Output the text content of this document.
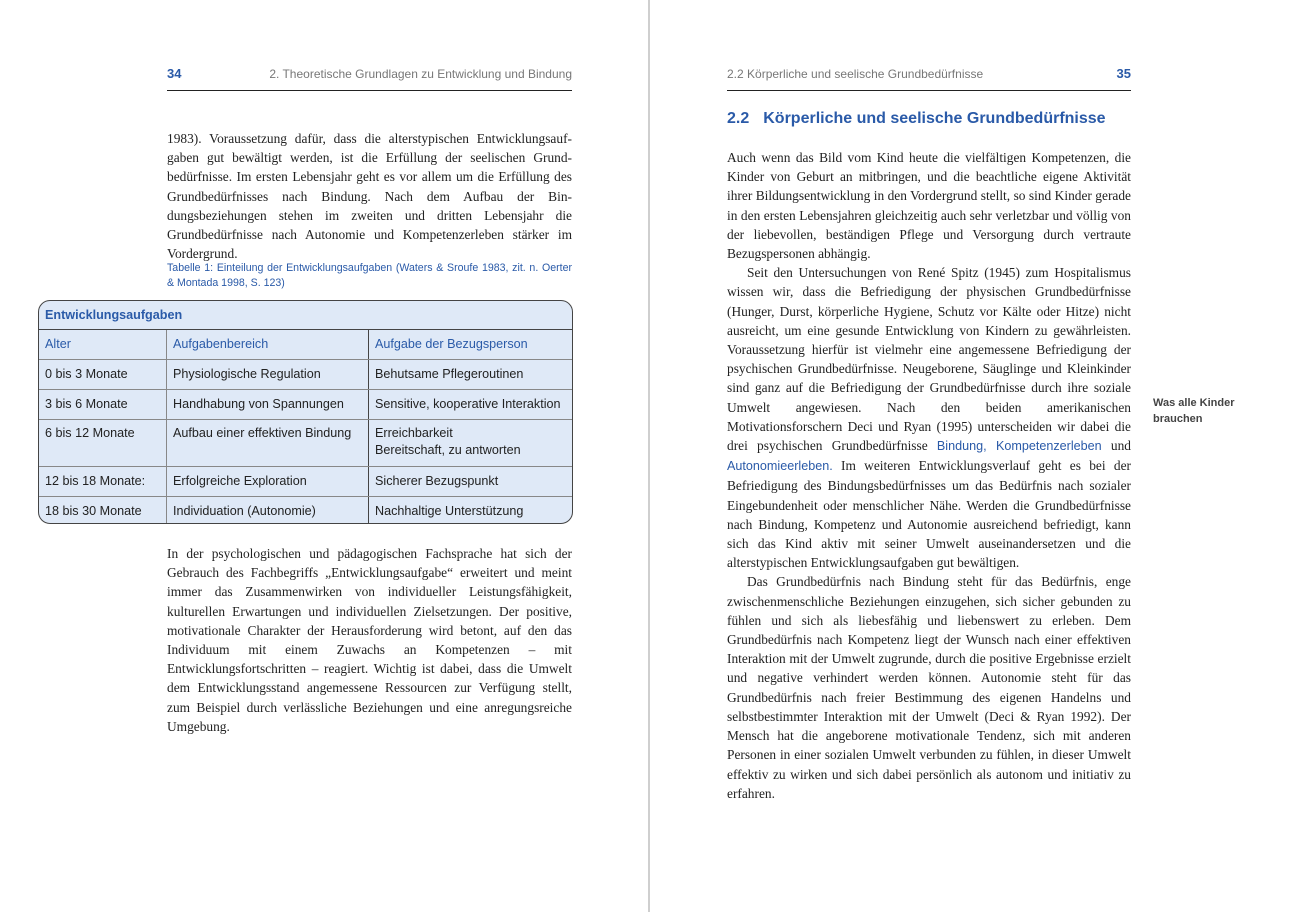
34	2. Theoretische Grundlagen zu Entwicklung und Bindung

1983). Voraussetzung dafür, dass die alterstypischen Entwicklungsaufgaben gut bewältigt werden, ist die Erfüllung der seelischen Grundbedürfnisse. Im ersten Lebensjahr geht es vor allem um die Erfüllung des Grundbedürfnisses nach Bindung. Nach dem Aufbau der Bindungsbeziehungen stehen im zweiten und dritten Lebensjahr die Grundbedürfnisse nach Autonomie und Kompetenzerleben stärker im Vordergrund.

Tabelle 1: Einteilung der Entwicklungsaufgaben (Waters & Sroufe 1983, zit. n. Oerter & Montada 1998, S. 123)
Entwicklungsaufgaben
Alter	Aufgabenbereich	Aufgabe der Bezugsperson
0 bis 3 Monate	Physiologische Regulation	Behutsame Pflegeroutinen
3 bis 6 Monate	Handhabung von Spannungen	Sensitive, kooperative Interaktion
6 bis 12 Monate	Aufbau einer effektiven Bindung	Erreichbarkeit
Bereitschaft, zu antworten
12 bis 18 Monate:	Erfolgreiche Exploration	Sicherer Bezugspunkt
18 bis 30 Monate	Individuation (Autonomie)	Nachhaltige Unterstützung

In der psychologischen und pädagogischen Fachsprache hat sich der Gebrauch des Fachbegriffs „Entwicklungsaufgabe“ erweitert und meint immer das Zusammenwirken von individueller Leistungsfähigkeit, kulturellen Erwartungen und individuellen Zielsetzungen. Der positive, motivationale Charakter der Herausforderung wird betont, auf den das Individuum mit einem Zuwachs an Kompetenzen – mit Entwicklungsfortschritten – reagiert. Wichtig ist dabei, dass die Umwelt dem Entwicklungsstand angemessene Ressourcen zur Verfügung stellt, zum Beispiel durch verlässliche Beziehungen und eine anregungsreiche Umgebung.

2.2 Körperliche und seelische Grundbedürfnisse	35
2.2 Körperliche und seelische Grundbedürfnisse

Auch wenn das Bild vom Kind heute die vielfältigen Kompetenzen, die Kinder von Geburt an mitbringen, und die beachtliche eigene Aktivität ihrer Bildungsentwicklung in den Vordergrund stellt, so sind Kinder gerade in den ersten Lebensjahren gleichzeitig auch sehr verletzbar und völlig von der liebevollen, beständigen Pflege und Versorgung durch vertraute Bezugspersonen abhängig.

Seit den Untersuchungen von René Spitz (1945) zum Hospitalismus wissen wir, dass die Befriedigung der physischen Grundbedürfnisse (Hunger, Durst, körperliche Hygiene, Schutz vor Kälte oder Hitze) nicht ausreicht, um eine gesunde Entwicklung von Kindern zu gewährleisten. Voraussetzung hierfür ist vielmehr eine angemessene Befriedigung der psychischen Grundbedürfnisse. Neugeborene, Säuglinge und Kleinkinder sind ganz auf die Befriedigung der Grundbedürfnisse durch ihre soziale Umwelt angewiesen. Nach den beiden amerikanischen Motivationsforschern Deci und Ryan (1995) unterscheiden wir dabei die drei psychischen Grundbedürfnisse Bindung, Kompetenzerleben und Autonomieerleben. Im weiteren Entwicklungsverlauf geht es bei der Befriedigung des Bindungsbedürfnisses um das Bedürfnis nach sozialer Eingebundenheit oder menschlicher Nähe. Werden die Grundbedürfnisse nach Bindung, Kompetenz und Autonomie ausreichend befriedigt, kann sich das Kind aktiv mit seiner Umwelt auseinandersetzen und die alterstypischen Entwicklungsaufgaben gut bewältigen.

Das Grundbedürfnis nach Bindung steht für das Bedürfnis, enge zwischenmenschliche Beziehungen einzugehen, sich sicher gebunden zu fühlen und sich als liebesfähig und liebenswert zu erleben. Dem Grundbedürfnis nach Kompetenz liegt der Wunsch nach einer effektiven Interaktion mit der Umwelt zugrunde, durch die positive Ergebnisse erzielt und negative verhindert werden können. Autonomie steht für das Grundbedürfnis nach freier Bestimmung des eigenen Handelns und selbstbestimmter Interaktion mit der Umwelt (Deci & Ryan 1992). Der Mensch hat die angeborene motivationale Tendenz, sich mit anderen Personen in einer sozialen Umwelt verbunden zu fühlen, in dieser Umwelt effektiv zu wirken und sich dabei persönlich als autonom und initiativ zu erfahren.

Was alle Kinder brauchen
